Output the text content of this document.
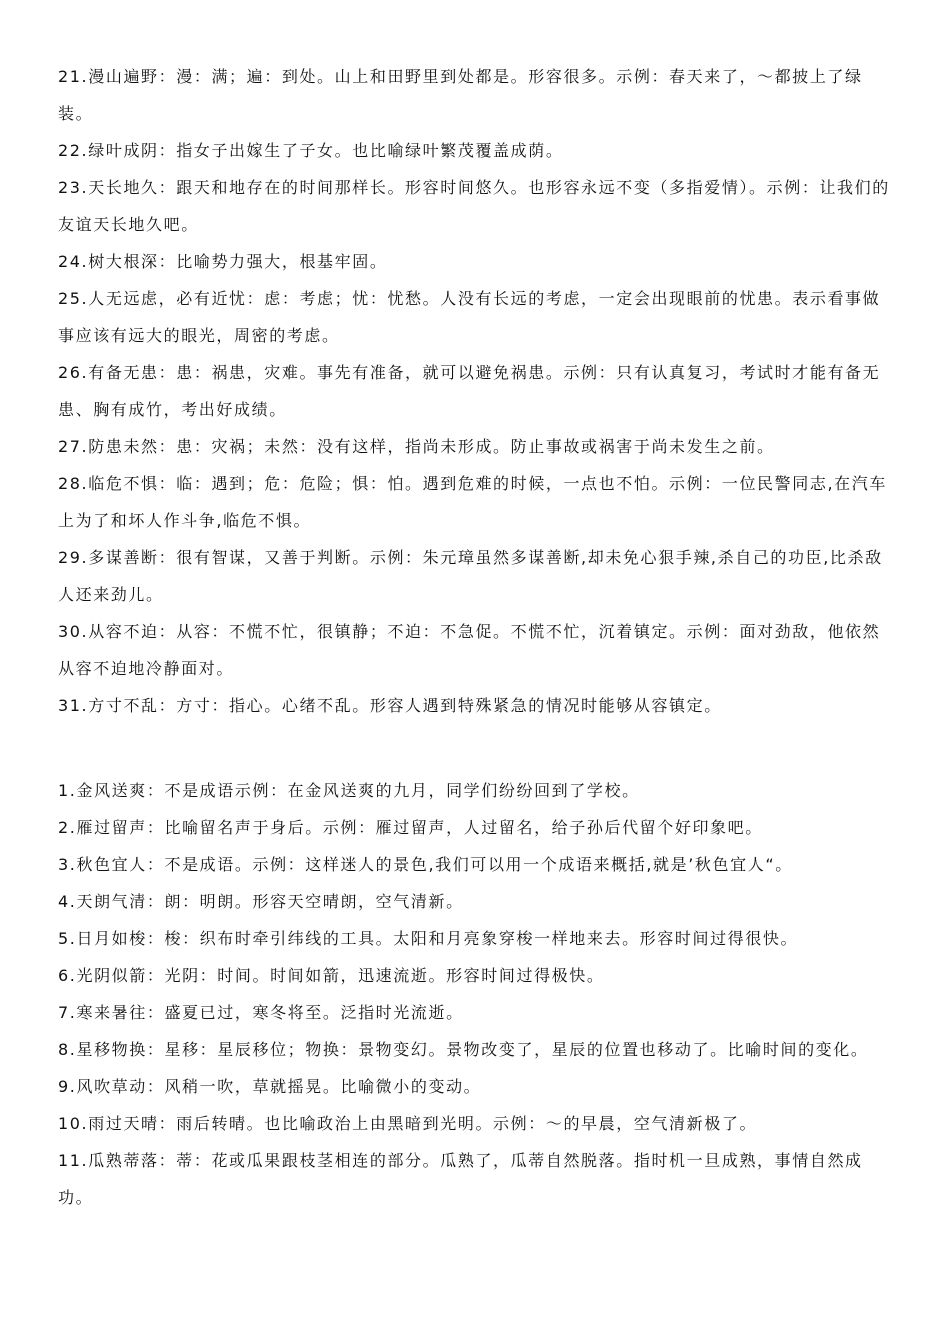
21.漫山遍野：漫：满；遍：到处。山上和田野里到处都是。形容很多。示例：春天来了，～都披上了绿装。

22.绿叶成阴：指女子出嫁生了子女。也比喻绿叶繁茂覆盖成荫。

23.天长地久：跟天和地存在的时间那样长。形容时间悠久。也形容永远不变（多指爱情）。示例：让我们的友谊天长地久吧。

24.树大根深：比喻势力强大，根基牢固。

25.人无远虑，必有近忧：虑：考虑；忧：忧愁。人没有长远的考虑，一定会出现眼前的忧患。表示看事做事应该有远大的眼光，周密的考虑。

26.有备无患：患：祸患，灾难。事先有准备，就可以避免祸患。示例：只有认真复习，考试时才能有备无患、胸有成竹，考出好成绩。

27.防患未然：患：灾祸；未然：没有这样，指尚未形成。防止事故或祸害于尚未发生之前。

28.临危不惧：临：遇到；危：危险；惧：怕。遇到危难的时候，一点也不怕。示例：一位民警同志,在汽车上为了和坏人作斗争,临危不惧。

29.多谋善断：很有智谋，又善于判断。示例：朱元璋虽然多谋善断,却未免心狠手辣,杀自己的功臣,比杀敌人还来劲儿。

30.从容不迫：从容：不慌不忙，很镇静；不迫：不急促。不慌不忙，沉着镇定。示例：面对劲敌，他依然从容不迫地冷静面对。

31.方寸不乱：方寸：指心。心绪不乱。形容人遇到特殊紧急的情况时能够从容镇定。

1.金风送爽：不是成语示例：在金风送爽的九月，同学们纷纷回到了学校。

2.雁过留声：比喻留名声于身后。示例：雁过留声，人过留名，给子孙后代留个好印象吧。

3.秋色宜人：不是成语。示例：这样迷人的景色,我们可以用一个成语来概括,就是’秋色宜人“。

4.天朗气清：朗：明朗。形容天空晴朗，空气清新。

5.日月如梭：梭：织布时牵引纬线的工具。太阳和月亮象穿梭一样地来去。形容时间过得很快。

6.光阴似箭：光阴：时间。时间如箭，迅速流逝。形容时间过得极快。

7.寒来暑往：盛夏已过，寒冬将至。泛指时光流逝。

8.星移物换：星移：星辰移位；物换：景物变幻。景物改变了，星辰的位置也移动了。比喻时间的变化。

9.风吹草动：风稍一吹，草就摇晃。比喻微小的变动。

10.雨过天晴：雨后转晴。也比喻政治上由黑暗到光明。示例：～的早晨，空气清新极了。

11.瓜熟蒂落：蒂：花或瓜果跟枝茎相连的部分。瓜熟了，瓜蒂自然脱落。指时机一旦成熟，事情自然成功。
